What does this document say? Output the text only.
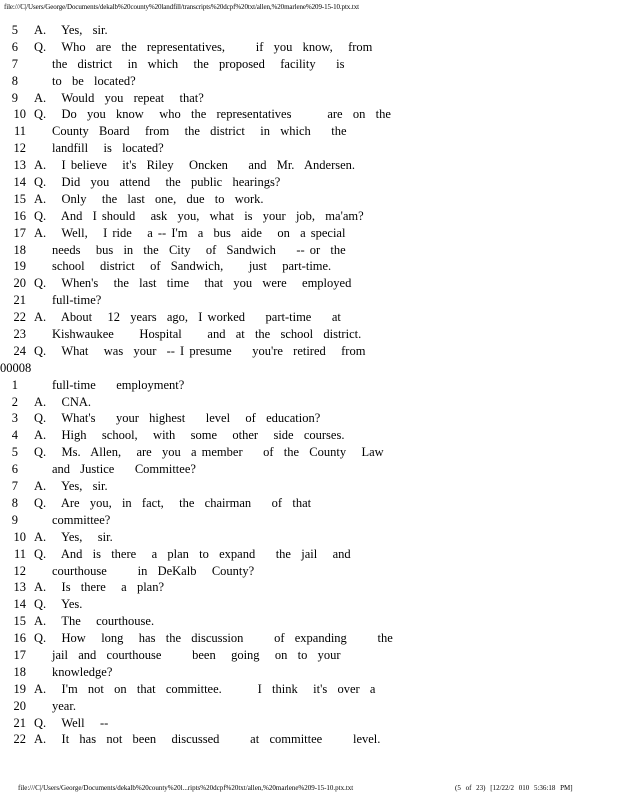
file:///C|/Users/George/Documents/dekalb%20county%20landfill/transcripts%20dcpf%20txt/allen,%20marlene%209-15-10.ptx.txt
5 A. Yes,  sir.
6 Q. Who  are  the  representatives,      if  you  know,   from
7	the  district   in  which   the  proposed   facility    is
8	to  be  located?
9 A. Would  you  repeat   that?
10 Q. Do  you  know   who  the  representatives       are  on  the
11 County  Board   from   the  district   in  which    the
12 landfill   is  located?
13 A. I believe   it's  Riley   Oncken    and  Mr.  Andersen.
14 Q. Did  you  attend   the  public  hearings?
15 A. Only   the  last  one,  due  to  work.
16 Q. And  I should   ask  you,  what  is  your  job,  ma'am?
17 A. Well,   I ride   a -- I'm  a  bus  aide   on  a special
18 needs   bus  in  the  City   of  Sandwich    -- or  the
19 school   district   of  Sandwich,     just   part-time.
20 Q. When's   the  last  time   that  you  were   employed
21 full-time?
22 A. About   12  years  ago,  I worked    part-time    at
23 Kishwaukee     Hospital     and  at  the  school  district.
24 Q. What   was  your  -- I presume    you're  retired   from
00008
1	full-time    employment?
2 A. CNA.
3 Q. What's    your  highest    level   of  education?
4 A. High   school,   with   some   other   side  courses.
5 Q. Ms.  Allen,   are  you  a member    of  the  County   Law
6	and  Justice    Committee?
7 A. Yes,  sir.
8 Q. Are  you,  in  fact,   the  chairman    of  that
9	committee?
10 A. Yes,   sir.
11 Q. And  is  there   a  plan  to  expand    the  jail   and
12 courthouse      in  DeKalb   County?
13 A. Is  there   a  plan?
14 Q. Yes.
15 A. The   courthouse.
16 Q. How   long   has  the  discussion      of  expanding      the
17 jail  and  courthouse      been   going   on  to  your
18 knowledge?
19 A. I'm  not  on  that  committee.       I  think   it's  over  a
20 year.
21 Q. Well   --
22 A. It  has  not  been   discussed      at  committee      level.
file:///C|/Users/George/Documents/dekalb%20county%20l...ripts%20dcpf%20txt/allen,%20marlene%209-15-10.ptx.txt	(5 of 23) [12/22/2 010 5:36:18 PM]
